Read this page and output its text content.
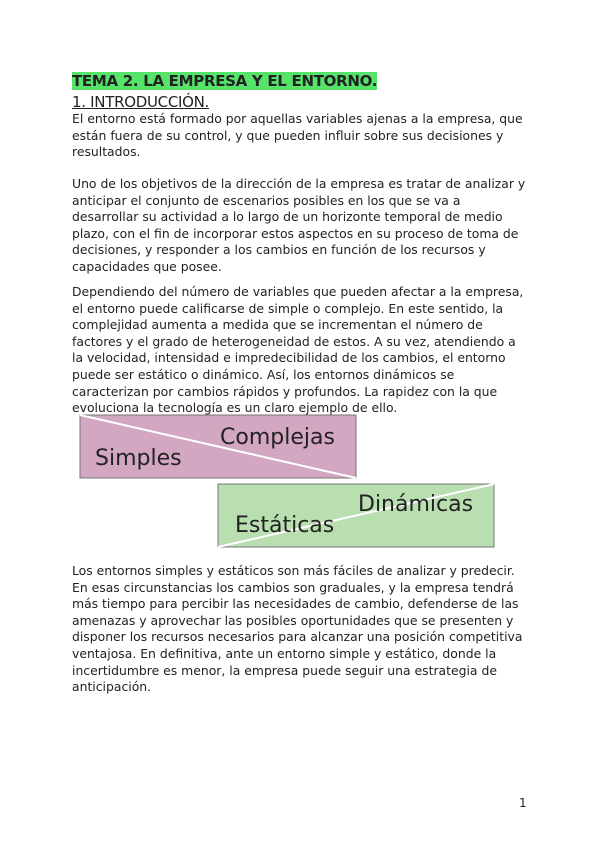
TEMA 2. LA EMPRESA Y EL ENTORNO.
1. INTRODUCCIÓN.

El entorno está formado por aquellas variables ajenas a la empresa, que están fuera de su control, y que pueden influir sobre sus decisiones y resultados.

Uno de los objetivos de la dirección de la empresa es tratar de analizar y anticipar el conjunto de escenarios posibles en los que se va a desarrollar su actividad a lo largo de un horizonte temporal de medio plazo, con el fin de incorporar estos aspectos en su proceso de toma de decisiones, y responder a los cambios en función de los recursos y capacidades que posee.

Dependiendo del número de variables que pueden afectar a la empresa, el entorno puede calificarse de simple o complejo. En este sentido, la complejidad aumenta a medida que se incrementan el número de factores y el grado de heterogeneidad de estos. A su vez, atendiendo a la velocidad, intensidad e impredecibilidad de los cambios, el entorno puede ser estático o dinámico. Así, los entornos dinámicos se caracterizan por cambios rápidos y profundos. La rapidez con la que evoluciona la tecnología es un claro ejemplo de ello.

Simples
Complejas
Estáticas
Dinámicas

Los entornos simples y estáticos son más fáciles de analizar y predecir. En esas circunstancias los cambios son graduales, y la empresa tendrá más tiempo para percibir las necesidades de cambio, defenderse de las amenazas y aprovechar las posibles oportunidades que se presenten y disponer los recursos necesarios para alcanzar una posición competitiva ventajosa. En definitiva, ante un entorno simple y estático, donde la incertidumbre es menor, la empresa puede seguir una estrategia de anticipación.

1
